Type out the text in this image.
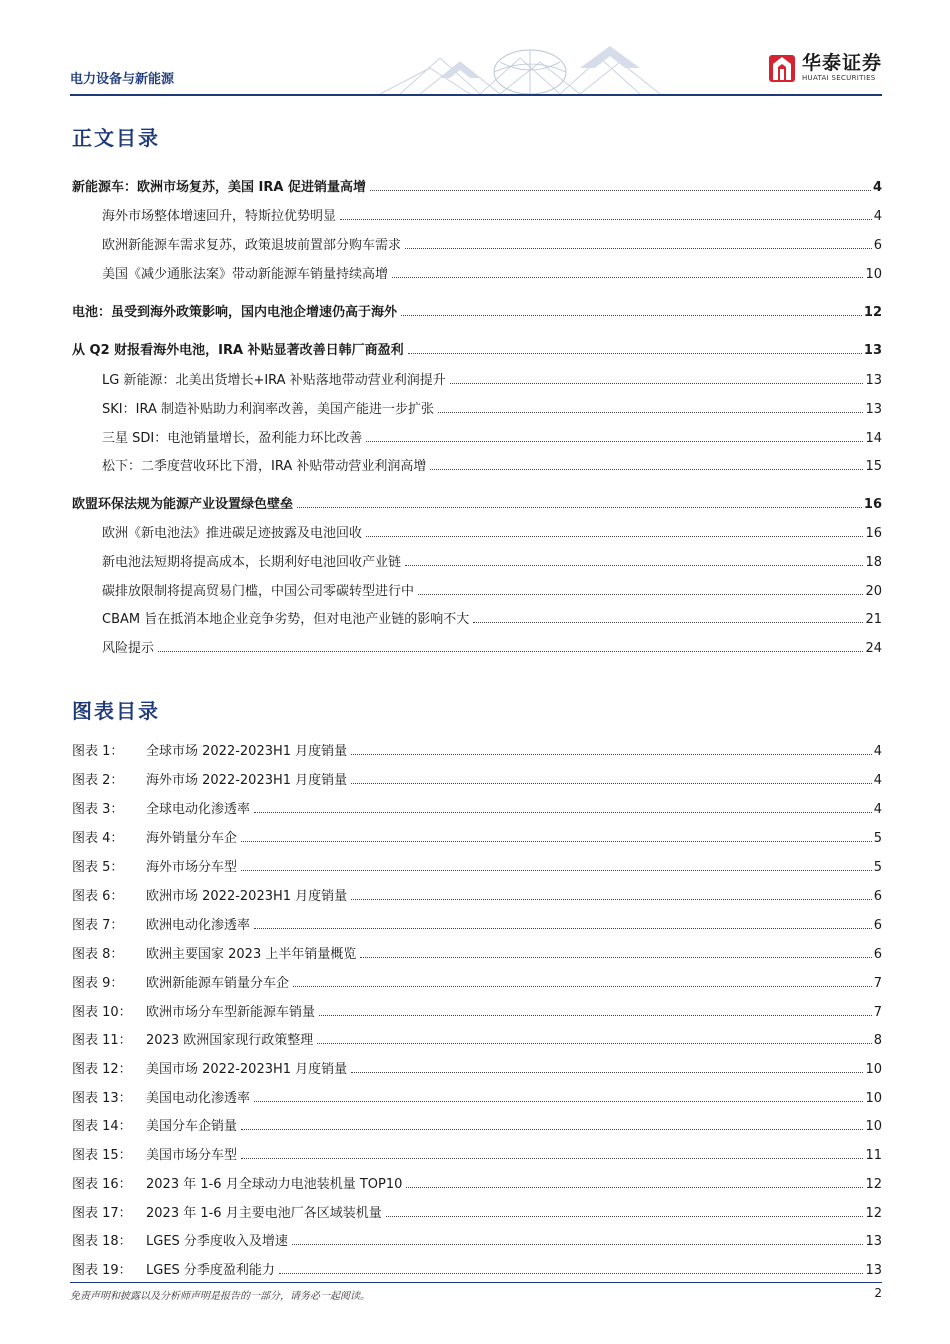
电力设备与新能源
华泰证券
HUATAI SECURITIES
正文目录
新能源车：欧洲市场复苏，美国 IRA 促进销量高增	4
海外市场整体增速回升，特斯拉优势明显	4
欧洲新能源车需求复苏，政策退坡前置部分购车需求	6
美国《减少通胀法案》带动新能源车销量持续高增	10
电池：虽受到海外政策影响，国内电池企增速仍高于海外	12
从 Q2 财报看海外电池，IRA 补贴显著改善日韩厂商盈利	13
LG 新能源：北美出货增长+IRA 补贴落地带动营业利润提升	13
SKI：IRA 制造补贴助力利润率改善，美国产能进一步扩张	13
三星 SDI：电池销量增长，盈利能力环比改善	14
松下：二季度营收环比下滑，IRA 补贴带动营业利润高增	15
欧盟环保法规为能源产业设置绿色壁垒	16
欧洲《新电池法》推进碳足迹披露及电池回收	16
新电池法短期将提高成本，长期利好电池回收产业链	18
碳排放限制将提高贸易门槛，中国公司零碳转型进行中	20
CBAM 旨在抵消本地企业竞争劣势，但对电池产业链的影响不大	21
风险提示	24
图表目录
图表 1：	全球市场 2022-2023H1 月度销量	4
图表 2：	海外市场 2022-2023H1 月度销量	4
图表 3：	全球电动化渗透率	4
图表 4：	海外销量分车企	5
图表 5：	海外市场分车型	5
图表 6：	欧洲市场 2022-2023H1 月度销量	6
图表 7：	欧洲电动化渗透率	6
图表 8：	欧洲主要国家 2023 上半年销量概览	6
图表 9：	欧洲新能源车销量分车企	7
图表 10：	欧洲市场分车型新能源车销量	7
图表 11：	2023 欧洲国家现行政策整理	8
图表 12：	美国市场 2022-2023H1 月度销量	10
图表 13：	美国电动化渗透率	10
图表 14：	美国分车企销量	10
图表 15：	美国市场分车型	11
图表 16：	2023 年 1-6 月全球动力电池装机量 TOP10	12
图表 17：	2023 年 1-6 月主要电池厂各区域装机量	12
图表 18：	LGES 分季度收入及增速	13
图表 19：	LGES 分季度盈利能力	13
免责声明和披露以及分析师声明是报告的一部分，请务必一起阅读。	2
